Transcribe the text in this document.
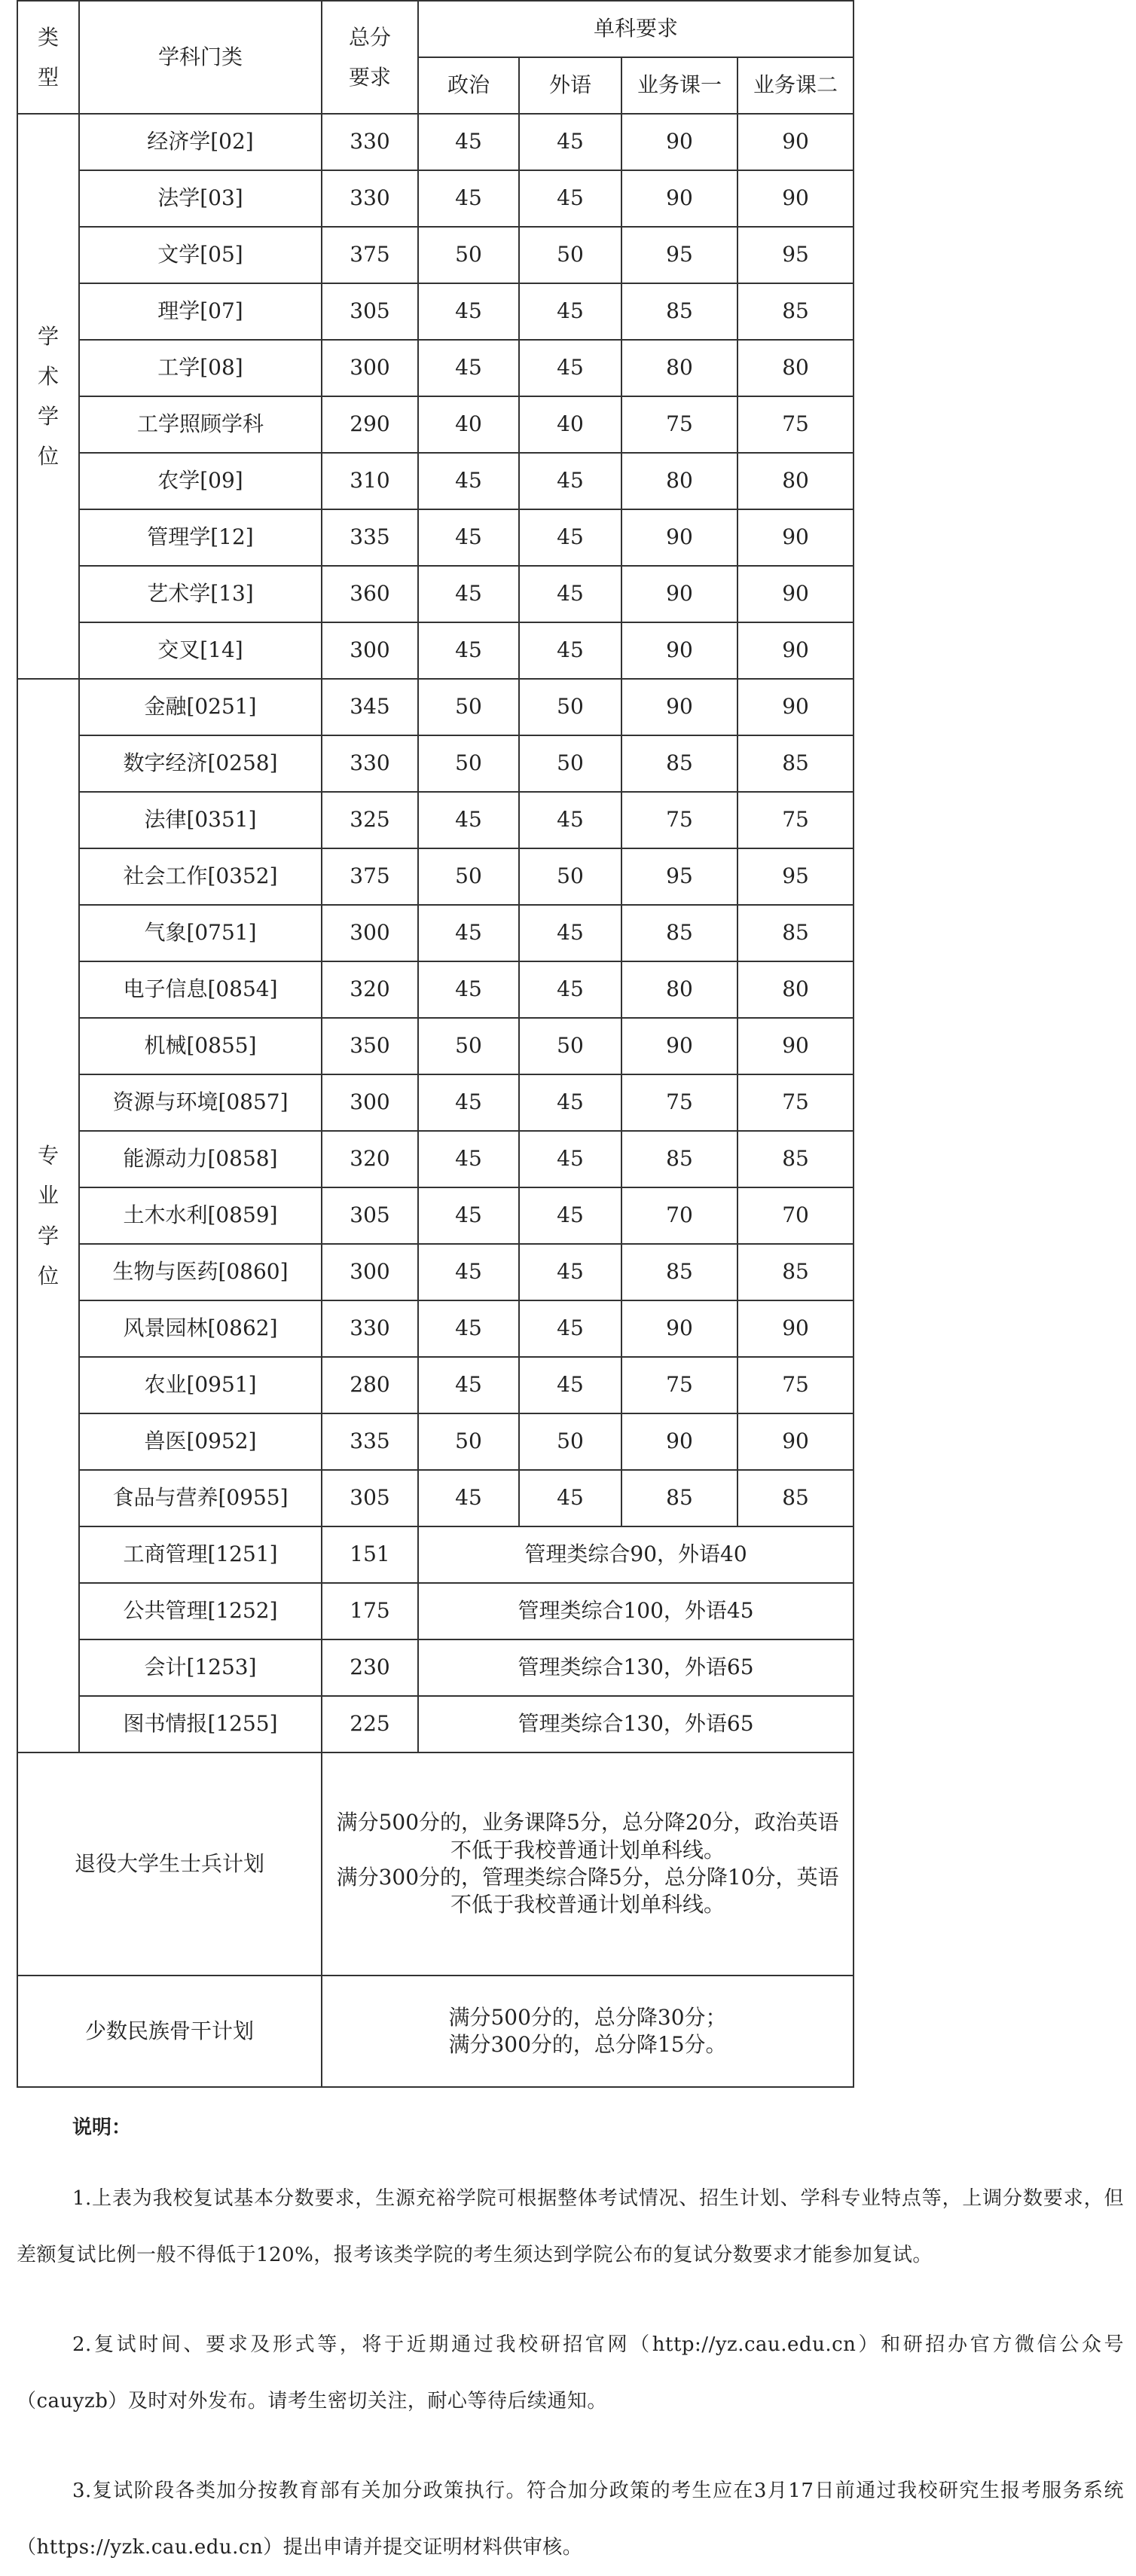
类型	学科门类	总分要求	单科要求			
			政治	外语	业务课一	业务课二
学术学位	经济学[02]	330	45	45	90	90
	法学[03]	330	45	45	90	90
	文学[05]	375	50	50	95	95
	理学[07]	305	45	45	85	85
	工学[08]	300	45	45	80	80
	工学照顾学科	290	40	40	75	75
	农学[09]	310	45	45	80	80
	管理学[12]	335	45	45	90	90
	艺术学[13]	360	45	45	90	90
	交叉[14]	300	45	45	90	90
专业学位	金融[0251]	345	50	50	90	90
	数字经济[0258]	330	50	50	85	85
	法律[0351]	325	45	45	75	75
	社会工作[0352]	375	50	50	95	95
	气象[0751]	300	45	45	85	85
	电子信息[0854]	320	45	45	80	80
	机械[0855]	350	50	50	90	90
	资源与环境[0857]	300	45	45	75	75
	能源动力[0858]	320	45	45	85	85
	土木水利[0859]	305	45	45	70	70
	生物与医药[0860]	300	45	45	85	85
	风景园林[0862]	330	45	45	90	90
	农业[0951]	280	45	45	75	75
	兽医[0952]	335	50	50	90	90
	食品与营养[0955]	305	45	45	85	85
	工商管理[1251]	151	管理类综合90，外语40			
	公共管理[1252]	175	管理类综合100，外语45			
	会计[1253]	230	管理类综合130，外语65			
	图书情报[1255]	225	管理类综合130，外语65			
退役大学生士兵计划		满分500分的，业务课降5分，总分降20分，政治英语
不低于我校普通计划单科线。
满分300分的，管理类综合降5分，总分降10分，英语
不低于我校普通计划单科线。				

少数民族骨干计划		满分500分的，总分降30分；
满分300分的，总分降15分。				
说明：

1.上表为我校复试基本分数要求，生源充裕学院可根据整体考试情况、招生计划、学科专业特点等，上调分数要求，但差额复试比例一般不得低于120%，报考该类学院的考生须达到学院公布的复试分数要求才能参加复试。

2.复试时间、要求及形式等，将于近期通过我校研招官网（http://yz.cau.edu.cn）和研招办官方微信公众号（cauyzb）及时对外发布。请考生密切关注，耐心等待后续通知。

3.复试阶段各类加分按教育部有关加分政策执行。符合加分政策的考生应在3月17日前通过我校研究生报考服务系统（https://yzk.cau.edu.cn）提出申请并提交证明材料供审核。
